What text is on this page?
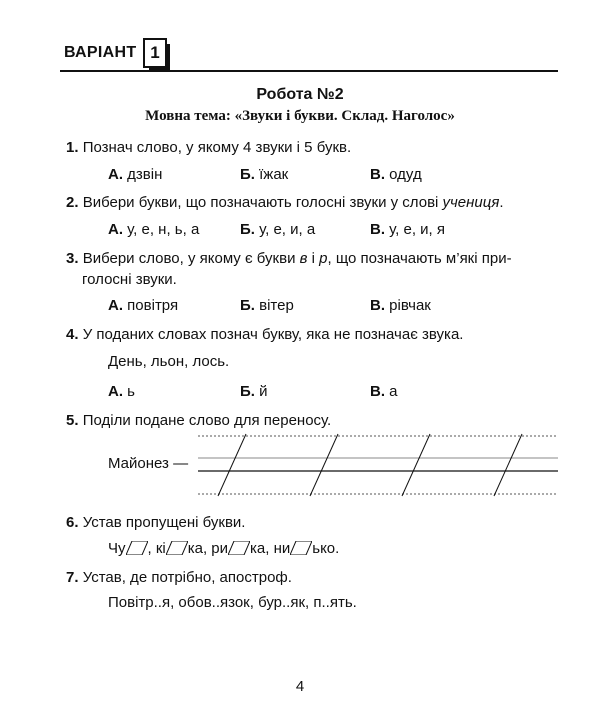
ВАРІАНТ 1
Робота №2
Мовна тема: «Звуки і букви. Склад. Наголос»
1. Познач слово, у якому 4 звуки і 5 букв.
А. дзвін	Б. їжак	В. одуд
2. Вибери букви, що позначають голосні звуки у слові учениця.
А. у, е, н, ь, а	Б. у, е, и, а	В. у, е, и, я
3. Вибери слово, у якому є букви в і р, що позначають м’які при-
голосні звуки.
А. повітря	Б. вітер	В. рівчак
4. У поданих словах познач букву, яка не позначає звука.
День, льон, лось.
А. ь	Б. й	В. а
5. Поділи подане слово для переносу.
Майонез —
6. Устав пропущені букви.
Чу , кі ка, ри ка, ни ько.
7. Устав, де потрібно, апостроф.
Повітр..я, обов..язок, бур..як, п..ять.
4
